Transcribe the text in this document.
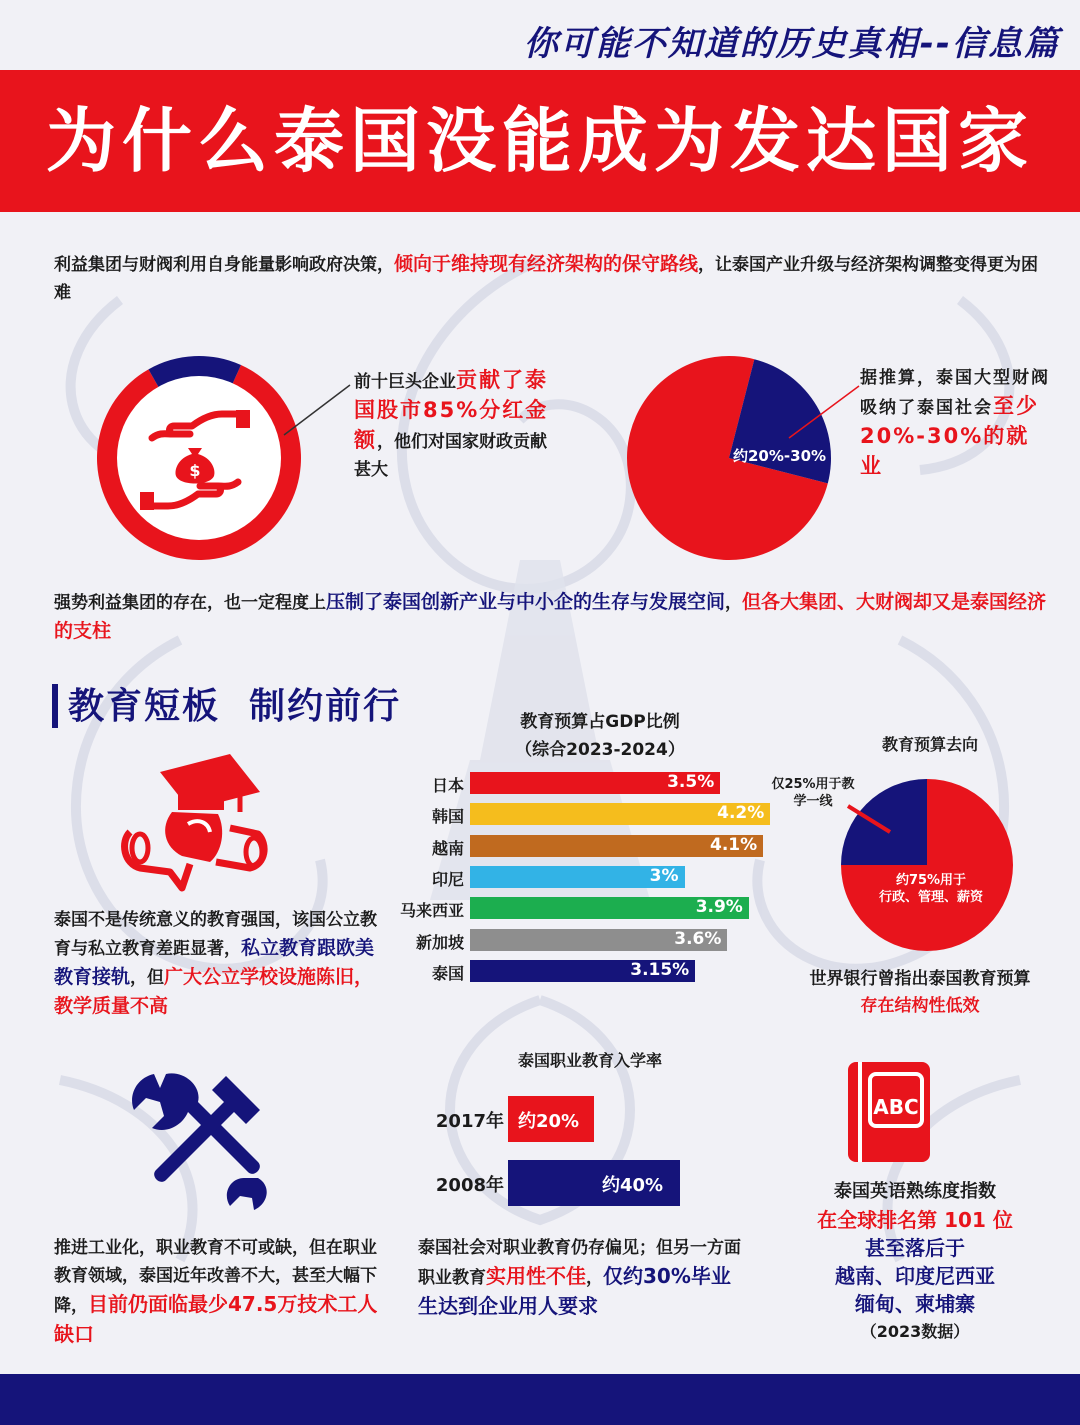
你可能不知道的历史真相--信息篇
为什么泰国没能成为发达国家
利益集团与财阀利用自身能量影响政府决策，倾向于维持现有经济架构的保守路线，让泰国产业升级与经济架构调整变得更为困难
$
前十巨头企业贡献了泰国股市85%分红金额，他们对国家财政贡献甚大
约20%-30%
据推算，泰国大型财阀吸纳了泰国社会至少20%-30%的就业
强势利益集团的存在，也一定程度上压制了泰国创新产业与中小企的生存与发展空间，但各大集团、大财阀却又是泰国经济的支柱
教育短板  制约前行
泰国不是传统意义的教育强国，该国公立教育与私立教育差距显著，私立教育跟欧美教育接轨，但广大公立学校设施陈旧，教学质量不高
教育预算占GDP比例
（综合2023-2024）
日本	3.5%
韩国	4.2%
越南	4.1%
印尼	3%
马来西亚	3.9%
新加坡	3.6%
泰国	3.15%
教育预算去向
仅25%用于教学一线
约75%用于
行政、管理、薪资
世界银行曾指出泰国教育预算
存在结构性低效
泰国职业教育入学率
2017年 约20%
2008年	约40%
推进工业化，职业教育不可或缺，但在职业教育领域，泰国近年改善不大，甚至大幅下降，目前仍面临最少47.5万技术工人缺口
泰国社会对职业教育仍存偏见；但另一方面职业教育实用性不佳，仅约30%毕业生达到企业用人要求
ABC
泰国英语熟练度指数
在全球排名第 101 位
甚至落后于
越南、印度尼西亚
缅甸、柬埔寨
（2023数据）
